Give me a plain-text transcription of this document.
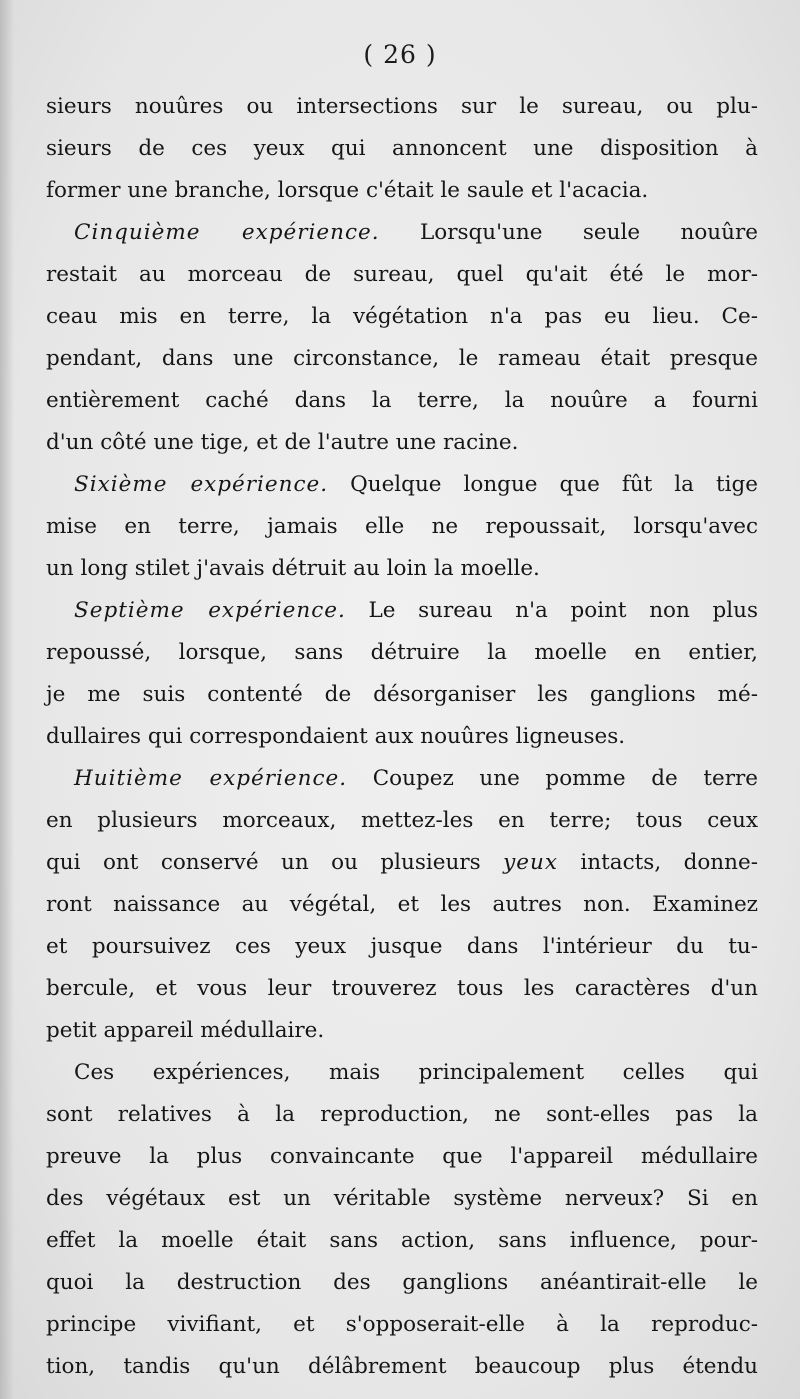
( 26 )
sieurs nouûres ou intersections sur le sureau, ou plu-
sieurs de ces yeux qui annoncent une disposition à
former une branche, lorsque c'était le saule et l'acacia.
Cinquième expérience. Lorsqu'une seule nouûre
restait au morceau de sureau, quel qu'ait été le mor-
ceau mis en terre, la végétation n'a pas eu lieu. Ce-
pendant, dans une circonstance, le rameau était presque
entièrement caché dans la terre, la nouûre a fourni
d'un côté une tige, et de l'autre une racine.
Sixième expérience. Quelque longue que fût la tige
mise en terre, jamais elle ne repoussait, lorsqu'avec
un long stilet j'avais détruit au loin la moelle.
Septième expérience. Le sureau n'a point non plus
repoussé, lorsque, sans détruire la moelle en entier,
je me suis contenté de désorganiser les ganglions mé-
dullaires qui correspondaient aux nouûres ligneuses.
Huitième expérience. Coupez une pomme de terre
en plusieurs morceaux, mettez-les en terre; tous ceux
qui ont conservé un ou plusieurs yeux intacts, donne-
ront naissance au végétal, et les autres non. Examinez
et poursuivez ces yeux jusque dans l'intérieur du tu-
bercule, et vous leur trouverez tous les caractères d'un
petit appareil médullaire.
Ces expériences, mais principalement celles qui
sont relatives à la reproduction, ne sont-elles pas la
preuve la plus convaincante que l'appareil médullaire
des végétaux est un véritable système nerveux? Si en
effet la moelle était sans action, sans influence, pour-
quoi la destruction des ganglions anéantirait-elle le
principe vivifiant, et s'opposerait-elle à la reproduc-
tion, tandis qu'un délâbrement beaucoup plus étendu
